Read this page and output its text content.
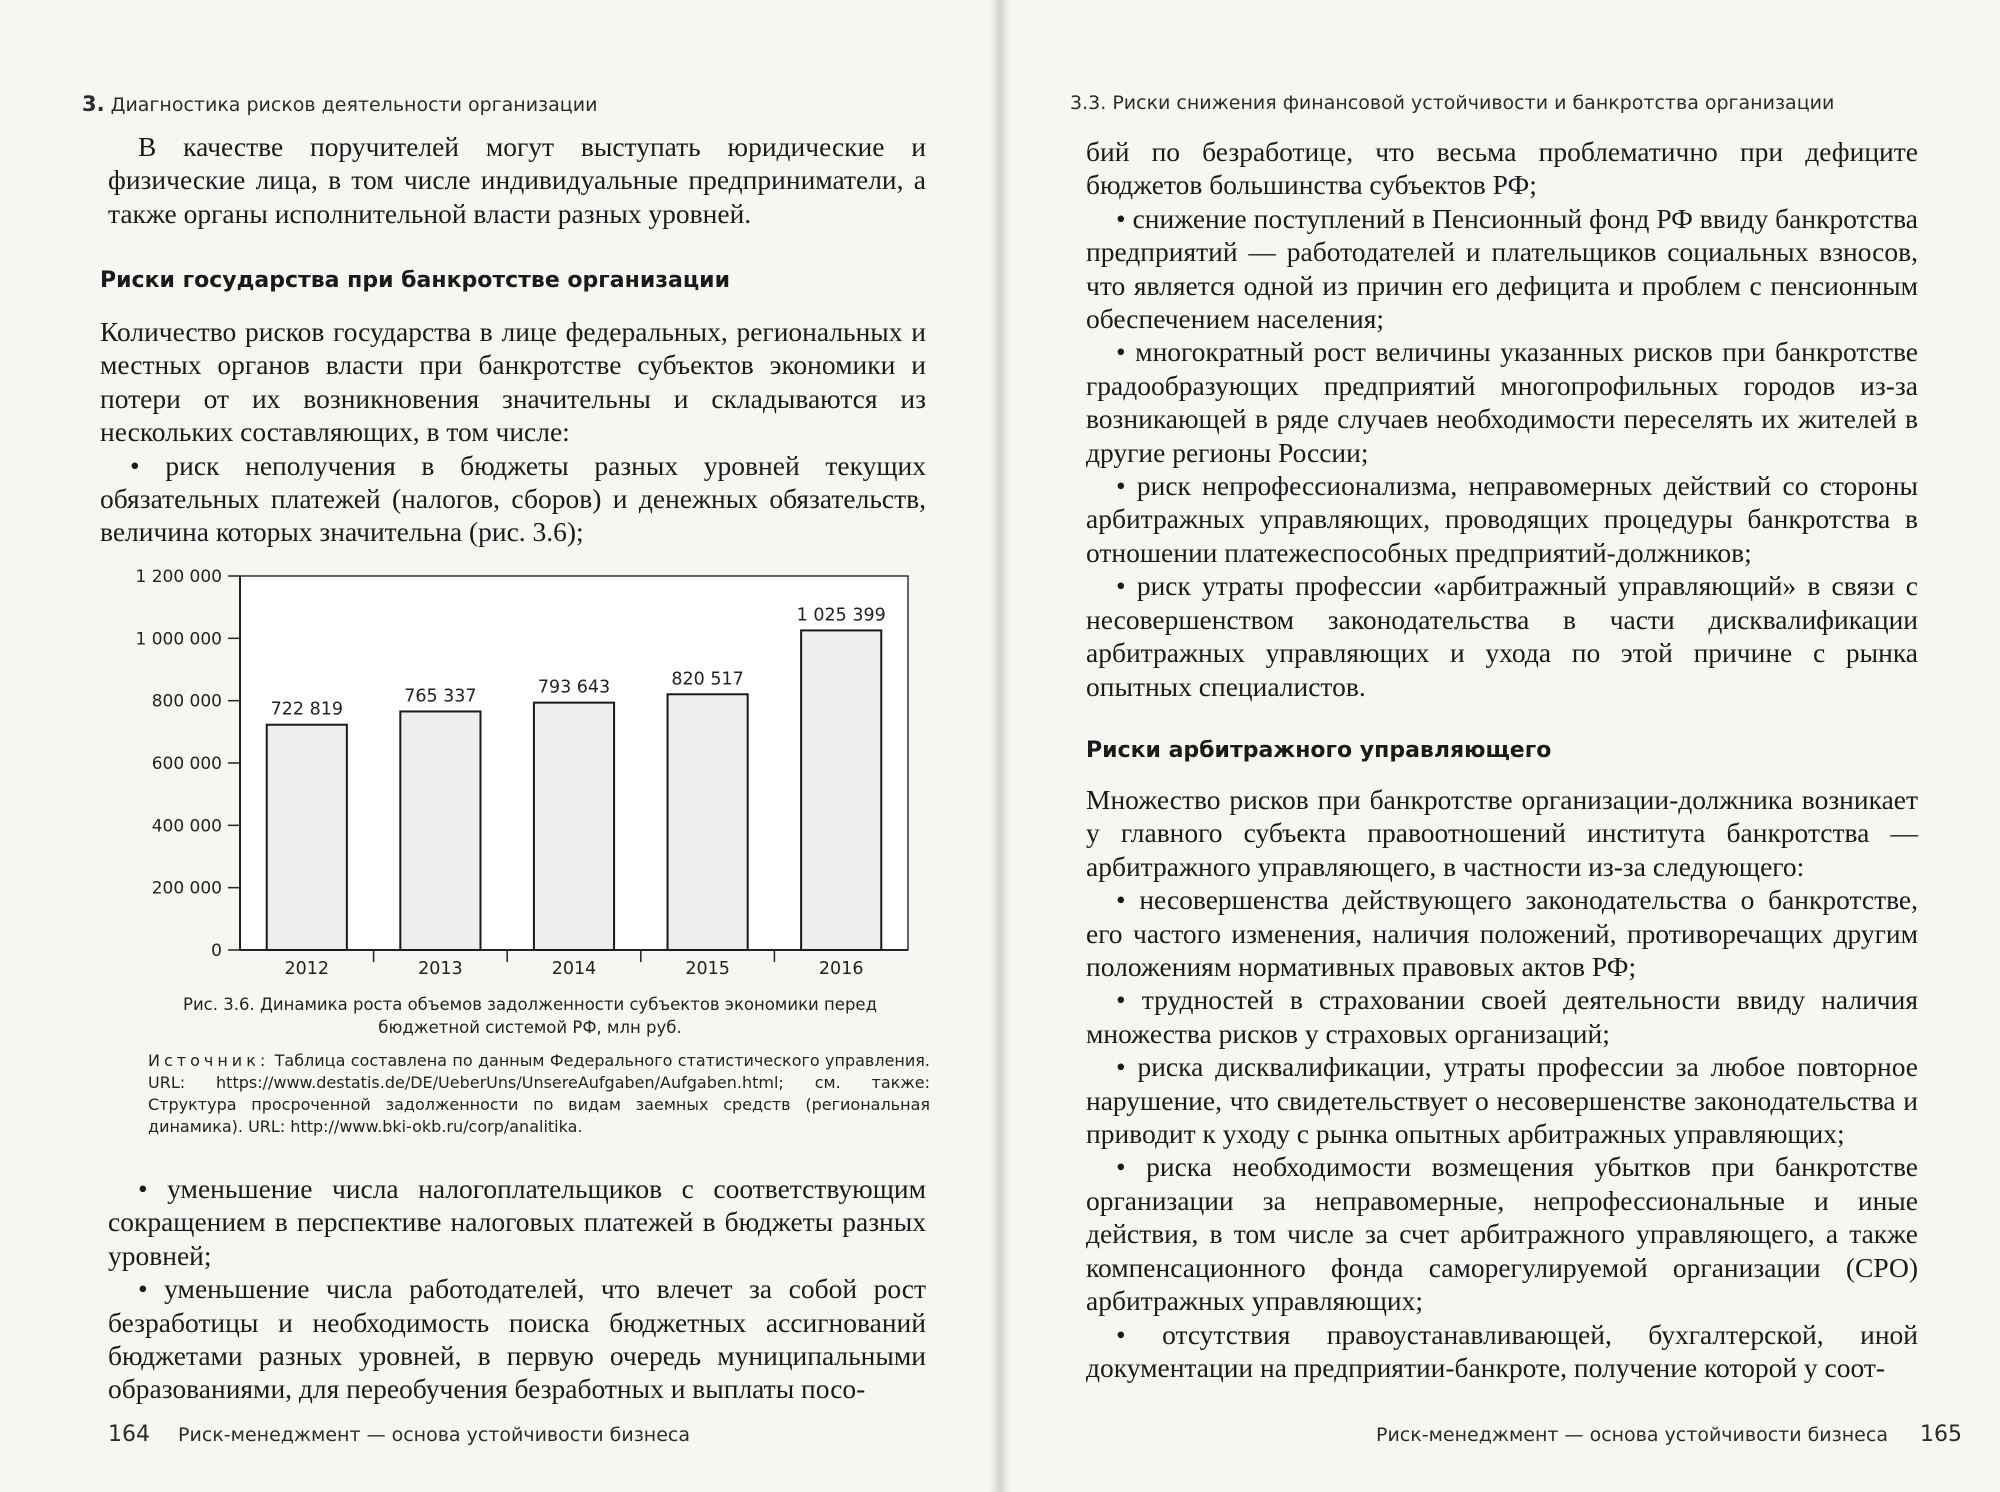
3. Диагностика рисков деятельности организации

В качестве поручителей могут выступать юридические и физические лица, в том числе индивидуальные предприниматели, а также органы исполнительной власти разных уровней.

Риски государства при банкротстве организации

Количество рисков государства в лице федеральных, региональных и местных органов власти при банкротстве субъектов экономики и потери от их возникновения значительны и складываются из нескольких составляющих, в том числе:

• риск неполучения в бюджеты разных уровней текущих обязательных платежей (налогов, сборов) и денежных обязательств, величина которых значительна (рис. 3.6);

0
200 000
400 000
600 000
800 000
1 000 000
1 200 000
722 819
2012
765 337
2013
793 643
2014
820 517
2015
1 025 399
2016
Рис. 3.6. Динамика роста объемов задолженности субъектов экономики перед бюджетной системой РФ, млн руб.
Источник: Таблица составлена по данным Федерального статистического управления. URL: https://www.destatis.de/DE/UeberUns/UnsereAufgaben/Aufgaben.html; см. также: Структура просроченной задолженности по видам заемных средств (региональная динамика). URL: http://www.bki-okb.ru/corp/analitika.

• уменьшение числа налогоплательщиков с соответствующим сокращением в перспективе налоговых платежей в бюджеты разных уровней;

• уменьшение числа работодателей, что влечет за собой рост безработицы и необходимость поиска бюджетных ассигнований бюджетами разных уровней, в первую очередь муниципальными образованиями, для переобучения безработных и выплаты посо-

164 Риск-менеджмент — основа устойчивости бизнеса
3.3. Риски снижения финансовой устойчивости и банкротства организации

бий по безработице, что весьма проблематично при дефиците бюджетов большинства субъектов РФ;

• снижение поступлений в Пенсионный фонд РФ ввиду банкротства предприятий — работодателей и плательщиков социальных взносов, что является одной из причин его дефицита и проблем с пенсионным обеспечением населения;

• многократный рост величины указанных рисков при банкротстве градообразующих предприятий многопрофильных городов из-за возникающей в ряде случаев необходимости переселять их жителей в другие регионы России;

• риск непрофессионализма, неправомерных действий со стороны арбитражных управляющих, проводящих процедуры банкротства в отношении платежеспособных предприятий-должников;

• риск утраты профессии «арбитражный управляющий» в связи с несовершенством законодательства в части дисквалификации арбитражных управляющих и ухода по этой причине с рынка опытных специалистов.

Риски арбитражного управляющего

Множество рисков при банкротстве организации-должника возникает у главного субъекта правоотношений института банкротства — арбитражного управляющего, в частности из-за следующего:

• несовершенства действующего законодательства о банкротстве, его частого изменения, наличия положений, противоречащих другим положениям нормативных правовых актов РФ;

• трудностей в страховании своей деятельности ввиду наличия множества рисков у страховых организаций;

• риска дисквалификации, утраты профессии за любое повторное нарушение, что свидетельствует о несовершенстве законодательства и приводит к уходу с рынка опытных арбитражных управляющих;

• риска необходимости возмещения убытков при банкротстве организации за неправомерные, непрофессиональные и иные действия, в том числе за счет арбитражного управляющего, а также компенсационного фонда саморегулируемой организации (СРО) арбитражных управляющих;

• отсутствия правоустанавливающей, бухгалтерской, иной документации на предприятии-банкроте, получение которой у соот-

Риск-менеджмент — основа устойчивости бизнеса 165
